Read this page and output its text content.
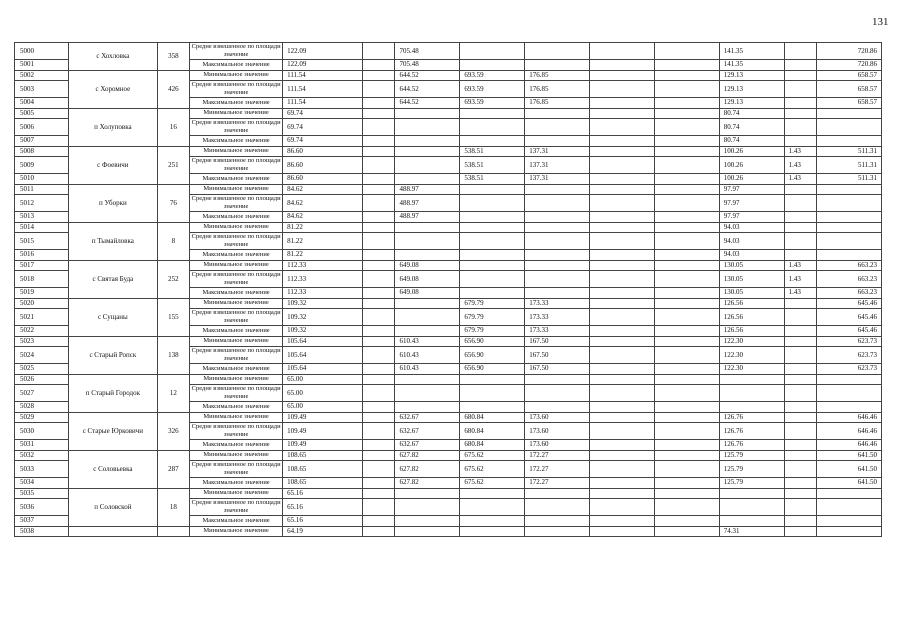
131
5000	с Хохловка	358	Средне взвешенное по площади значение	122.09		705.48					141.35		720.86
5001			Максимальное значение	122.09		705.48					141.35		720.86
5002	с Хоромное	426	Минимальное значение	111.54		644.52	693.59	176.85			129.13		658.57
5003			Средне взвешенное по площади значение	111.54		644.52	693.59	176.85			129.13		658.57
5004			Максимальное значение	111.54		644.52	693.59	176.85			129.13		658.57
5005	п Холуповка	16	Минимальное значение	69.74							80.74		
5006			Средне взвешенное по площади значение	69.74							80.74		
5007			Максимальное значение	69.74							80.74		
5008	с Фоевичи	251	Минимальное значение	86.60			538.51	137.31			100.26	1.43	511.31
5009			Средне взвешенное по площади значение	86.60			538.51	137.31			100.26	1.43	511.31
5010			Максимальное значение	86.60			538.51	137.31			100.26	1.43	511.31
5011	п Уборки	76	Минимальное значение	84.62		488.97					97.97		
5012			Средне взвешенное по площади значение	84.62		488.97					97.97		
5013			Максимальное значение	84.62		488.97					97.97		
5014	п Тымайловка	8	Минимальное значение	81.22							94.03		
5015			Средне взвешенное по площади значение	81.22							94.03		
5016			Максимальное значение	81.22							94.03		
5017	с Святая Буда	252	Минимальное значение	112.33		649.08					130.05	1.43	663.23
5018			Средне взвешенное по площади значение	112.33		649.08					130.05	1.43	663.23
5019			Максимальное значение	112.33		649.08					130.05	1.43	663.23
5020	с Сущаны	155	Минимальное значение	109.32			679.79	173.33			126.56		645.46
5021			Средне взвешенное по площади значение	109.32			679.79	173.33			126.56		645.46
5022			Максимальное значение	109.32			679.79	173.33			126.56		645.46
5023	с Старый Ропск	138	Минимальное значение	105.64		610.43	656.90	167.50			122.30		623.73
5024			Средне взвешенное по площади значение	105.64		610.43	656.90	167.50			122.30		623.73
5025			Максимальное значение	105.64		610.43	656.90	167.50			122.30		623.73
5026	п Старый Городок	12	Минимальное значение	65.00									
5027			Средне взвешенное по площади значение	65.00									
5028			Максимальное значение	65.00									
5029	с Старые Юрковичи	326	Минимальное значение	109.49		632.67	680.84	173.60			126.76		646.46
5030			Средне взвешенное по площади значение	109.49		632.67	680.84	173.60			126.76		646.46
5031			Максимальное значение	109.49		632.67	680.84	173.60			126.76		646.46
5032	с Соловьевка	287	Минимальное значение	108.65		627.82	675.62	172.27			125.79		641.50
5033			Средне взвешенное по площади значение	108.65		627.82	675.62	172.27			125.79		641.50
5034			Максимальное значение	108.65		627.82	675.62	172.27			125.79		641.50
5035	п Соловской	18	Минимальное значение	65.16									
5036			Средне взвешенное по площади значение	65.16									
5037			Максимальное значение	65.16									
5038			Минимальное значение	64.19							74.31		
